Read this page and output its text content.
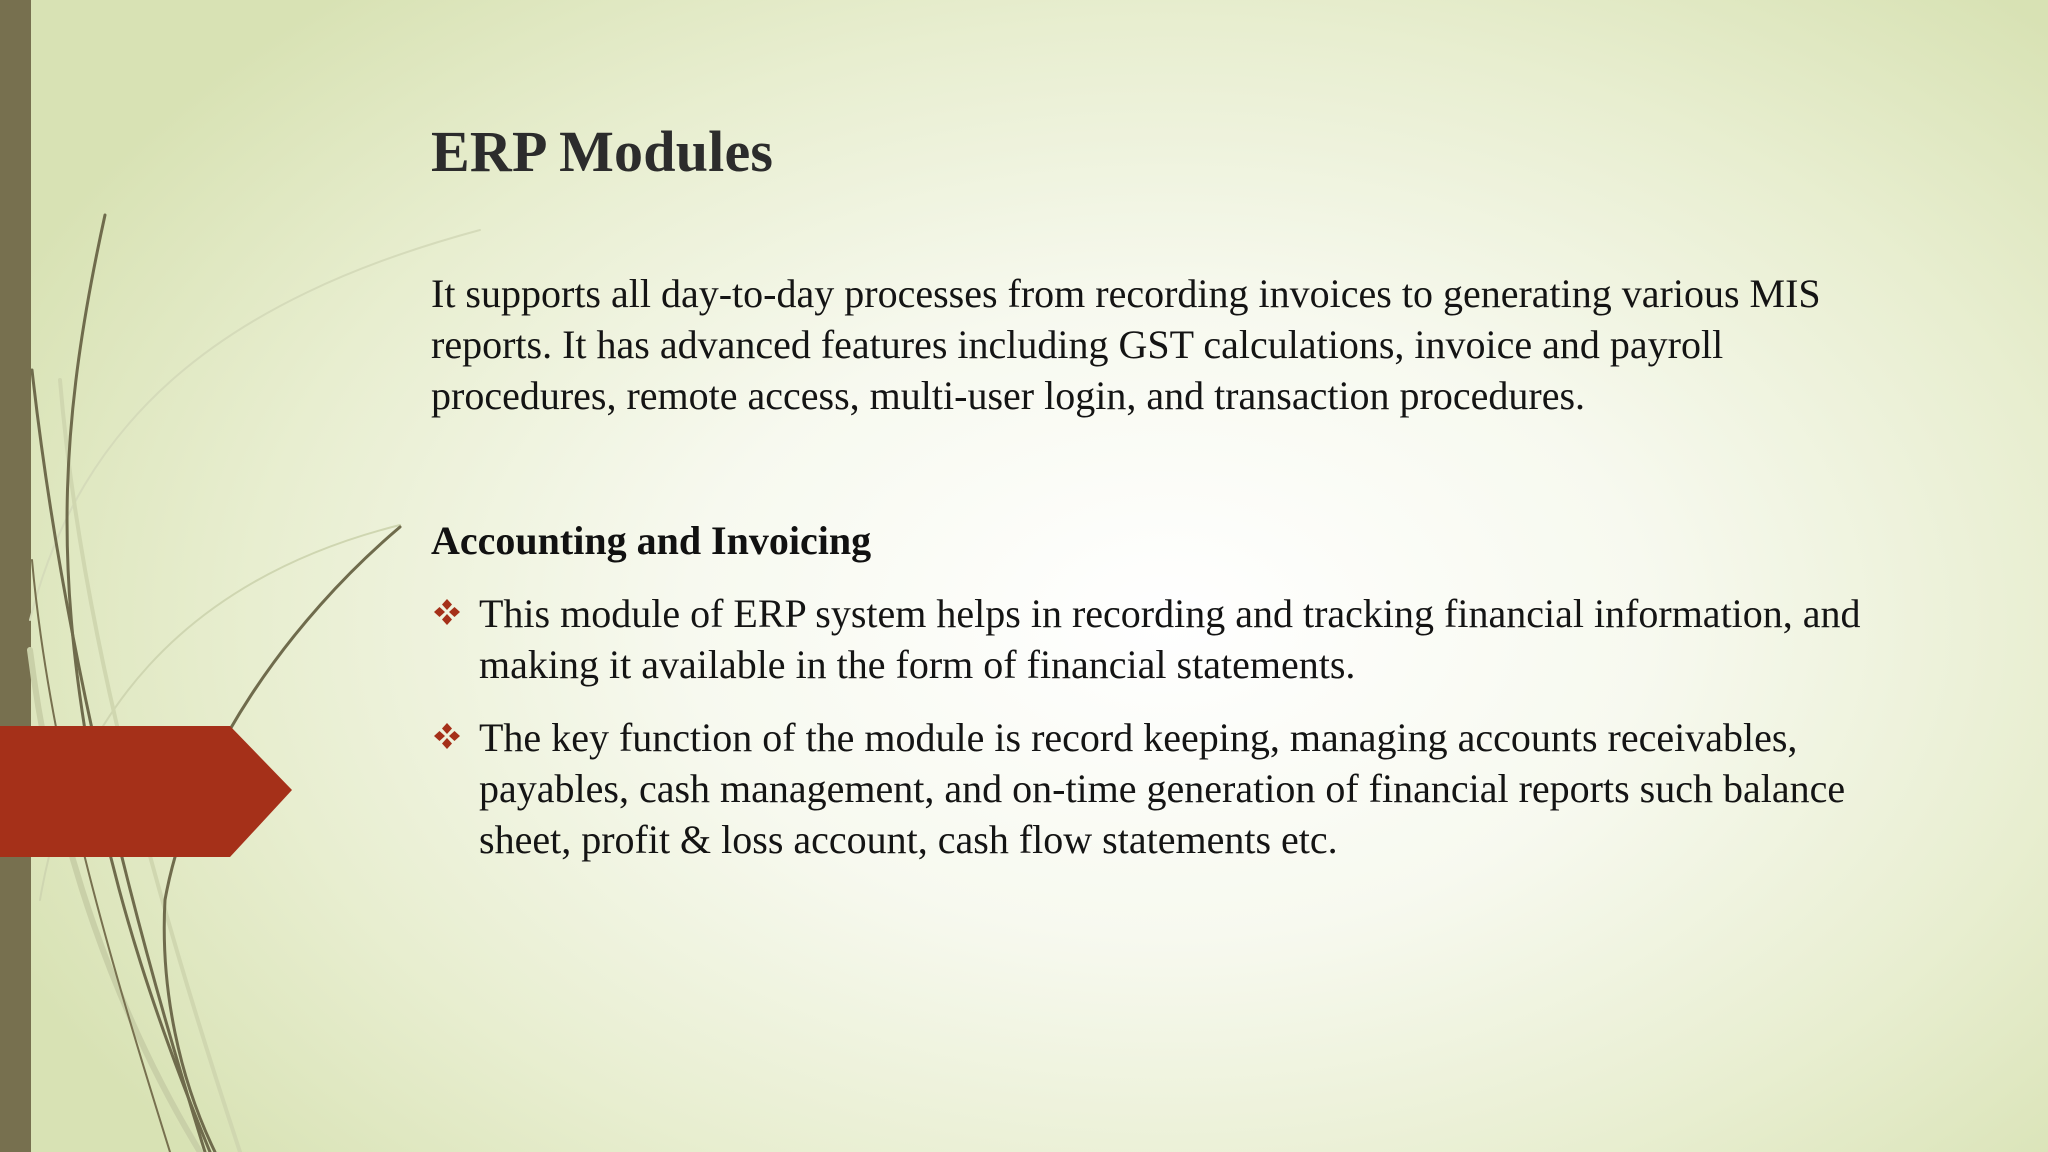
ERP Modules

It supports all day-to-day processes from recording invoices to generating various MIS reports. It has advanced features including GST calculations, invoice and payroll procedures, remote access, multi-user login, and transaction procedures.

Accounting and Invoicing
This module of ERP system helps in recording and tracking financial information, and making it available in the form of financial statements.
The key function of the module is record keeping, managing accounts receivables, payables, cash management, and on-time generation of financial reports such balance sheet, profit & loss account, cash flow statements etc.
